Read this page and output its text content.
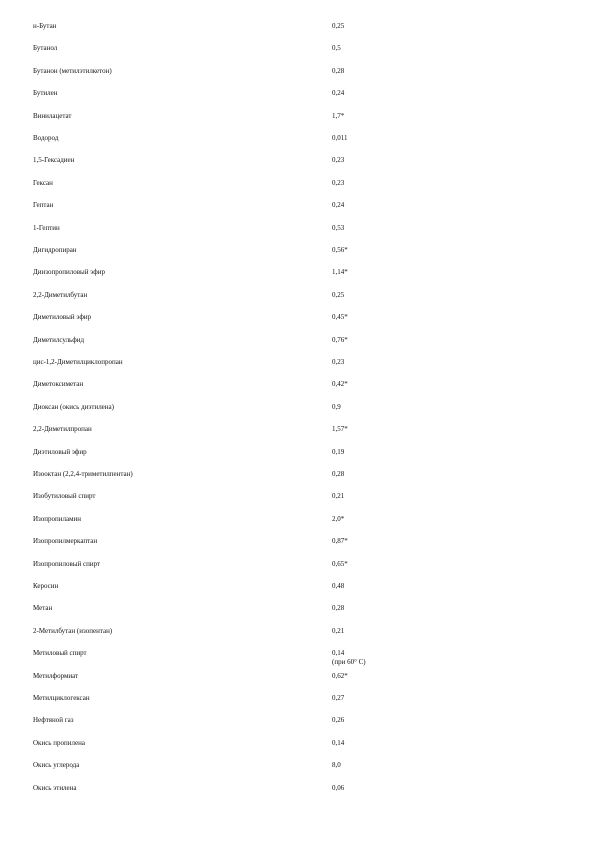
н-Бутан	0,25
Бутанол	0,5
Бутанон (метилэтилкетон)	0,28
Бутилен	0,24
Винилацетат	1,7*
Водород	0,011
1,5-Гексадиен	0,23
Гексан	0,23
Гептан	0,24
1-Гептин	0,53
Дигидропиран	0,56*
Диизопропиловый эфир	1,14*
2,2-Диметилбутан	0,25
Диметиловый эфир	0,45*
Диметилсульфид	0,76*
цис-1,2-Диметилциклопропан	0,23
Диметоксиметан	0,42*
Диоксан (окись диэтилена)	0,9
2,2-Диметилпропан	1,57*
Диэтиловый эфир	0,19
Изооктан (2,2,4-триметилпентан)	0,28
Изобутиловый спирт	0,21
Изопропиламин	2,0*
Изопропилмеркаптан	0,87*
Изопропиловый спирт	0,65*
Керосин	0,48
Метан	0,28
2-Метилбутан (изопентан)	0,21
Метиловый спирт	0,14
(при 60° С)
Метилформиат	0,62*
Метилциклогексан	0,27
Нефтяной газ	0,26
Окись пропилена	0,14
Окись углерода	8,0
Окись этилена	0,06
